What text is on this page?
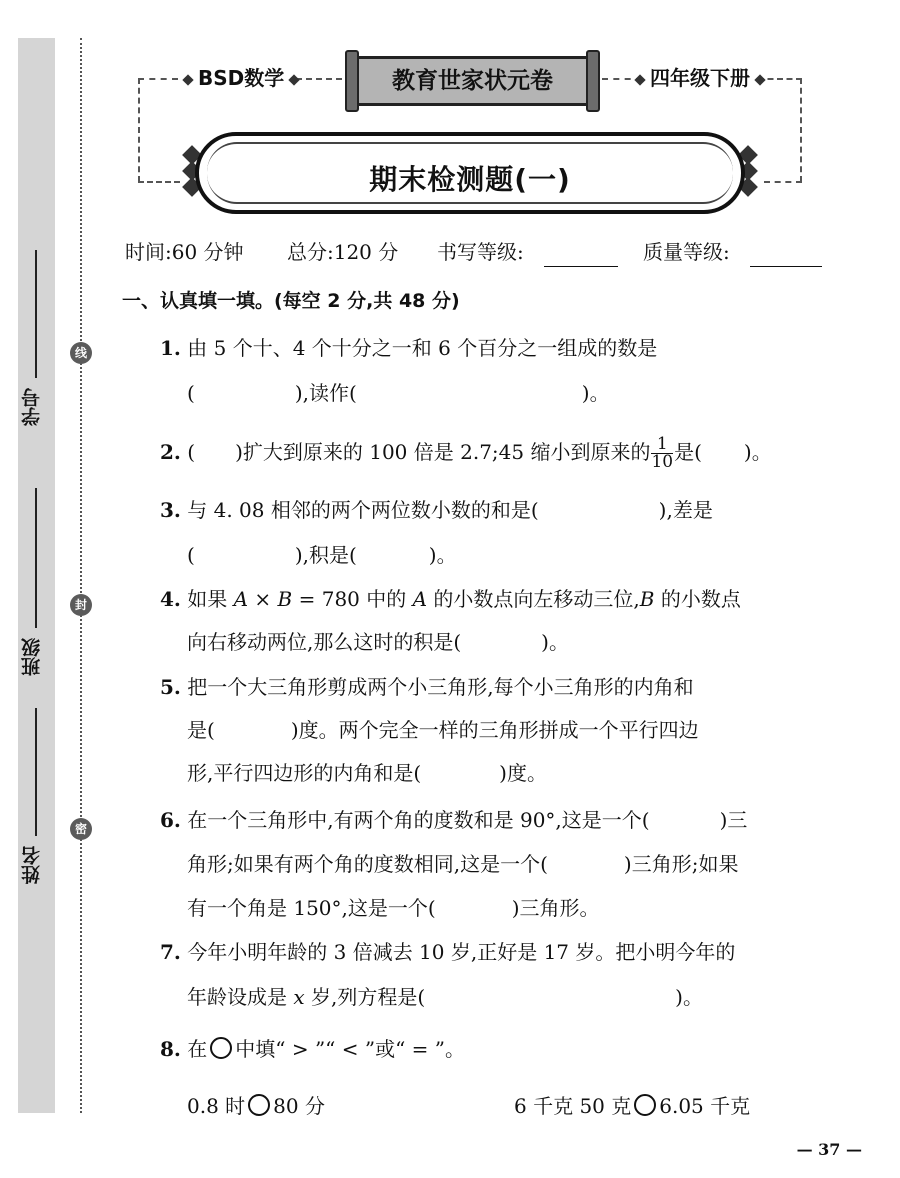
学号
班级
姓名
线
封
密
BSD数学	四年级下册
教育世家状元卷
期末检测题(一)
时间:60 分钟 总分:120 分 书写等级:	质量等级:
一、认真填一填。(每空 2 分,共 48 分)
1. 由 5 个十、4 个十分之一和 6 个百分之一组成的数是
(	),读作(	)。
2. ( )扩大到原来的 100 倍是 2.7;45 缩小到原来的 $\frac{1}{10}$ 是( )。
3. 与 4. 08 相邻的两个两位数小数的和是(	),差是
(	),积是(	)。
4. 如果 A × B = 780 中的 A 的小数点向左移动三位,B 的小数点
向右移动两位,那么这时的积是(	)。
5. 把一个大三角形剪成两个小三角形,每个小三角形的内角和
是(	)度。两个完全一样的三角形拼成一个平行四边
形,平行四边形的内角和是(	)度。
6. 在一个三角形中,有两个角的度数和是 90°,这是一个(	)三
角形;如果有两个角的度数相同,这是一个(	)三角形;如果
有一个角是 150°,这是一个(	)三角形。
7. 今年小明年龄的 3 倍减去 10 岁,正好是 17 岁。把小明今年的
年龄设成是 x 岁,列方程是(	)。
8. 在 中填“ > ”“ < ”或“ = ”。
0.8 时 80 分	6 千克 50 克 6.05 千克
— 37 —
